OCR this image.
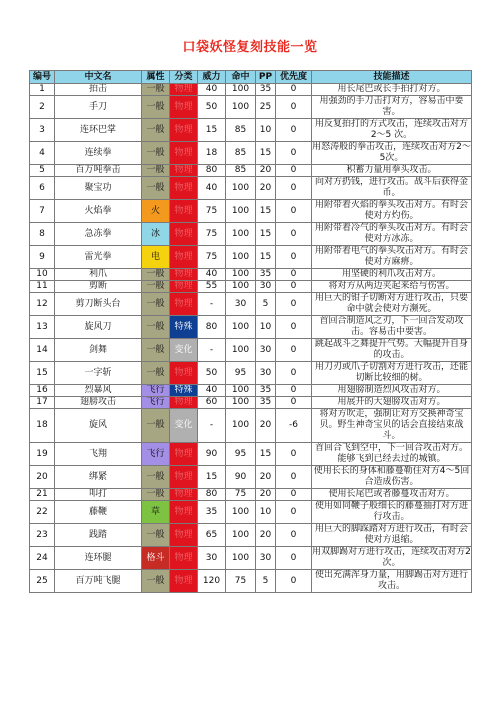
口袋妖怪复刻技能一览
编号	中文名	属性	分类	威力	命中	PP	优先度	技能描述
1	拍击	一般	物理	40	100	35	0	用长尾巴或长手拍打对方。
2	手刀	一般	物理	50	100	25	0	用强劲的手刀击打对方，容易击中要害。
3	连环巴掌	一般	物理	15	85	10	0	用反复拍打的方式攻击，连续攻击对方 2～5 次。
4	连续拳	一般	物理	18	85	15	0	用怒涛般的拳击攻击，连续攻击对方2～5次。
5	百万吨拳击	一般	物理	80	85	20	0	积蓄力量用拳头攻击。
6	聚宝功	一般	物理	40	100	20	0	向对方扔钱，进行攻击。战斗后获得金币。
7	火焰拳	火	物理	75	100	15	0	用附带着火焰的拳头攻击对方。有时会使对方灼伤。
8	急冻拳	冰	物理	75	100	15	0	用附带着冷气的拳头攻击对方。有时会使对方冰冻。
9	雷光拳	电	物理	75	100	15	0	用附带着电气的拳头攻击对方。有时会使对方麻痹。
10	利爪	一般	物理	40	100	35	0	用坚硬的利爪攻击对方。
11	剪断	一般	物理	55	100	30	0	将对方从两边夹起来给与伤害。
12	剪刀断头台	一般	物理	-	30	5	0	用巨大的钳子切断对方进行攻击，只要命中就会使对方濒死。
13	旋风刀	一般	特殊	80	100	10	0	首回合制造风之刃，下一回合发动攻击。容易击中要害。
14	剑舞	一般	变化	-	100	30	0	跳起战斗之舞提升气势。大幅提升自身的攻击。
15	一字斩	一般	物理	50	95	30	0	用刀刃或爪子切割对方进行攻击，还能切断比较细的树。
16	烈暴风	飞行	特殊	40	100	35	0	用翅膀制造烈风攻击对方。
17	翅膀攻击	飞行	物理	60	100	35	0	用展开的大翅膀攻击对方。
18	旋风	一般	变化	-	100	20	-6	将对方吹走，强制让对方交换神奇宝贝。野生神奇宝贝的话会直接结束战斗。
19	飞翔	飞行	物理	90	95	15	0	首回合飞到空中，下一回合攻击对方。能够飞到已经去过的城镇。
20	绑紧	一般	物理	15	90	20	0	使用长长的身体和藤蔓勒住对方4～5回合造成伤害。
21	叩打	一般	物理	80	75	20	0	使用长尾巴或者藤蔓攻击对方。
22	藤鞭	草	物理	35	100	10	0	使用如同鞭子般细长的藤蔓抽打对方进行攻击。
23	践踏	一般	物理	65	100	20	0	用巨大的脚踩踏对方进行攻击，有时会使对方退缩。
24	连环腿	格斗	物理	30	100	30	0	用双脚踢对方进行攻击，连续攻击对方2次。
25	百万吨飞腿	一般	物理	120	75	5	0	使出充满浑身力量，用脚踢击对方进行攻击。
